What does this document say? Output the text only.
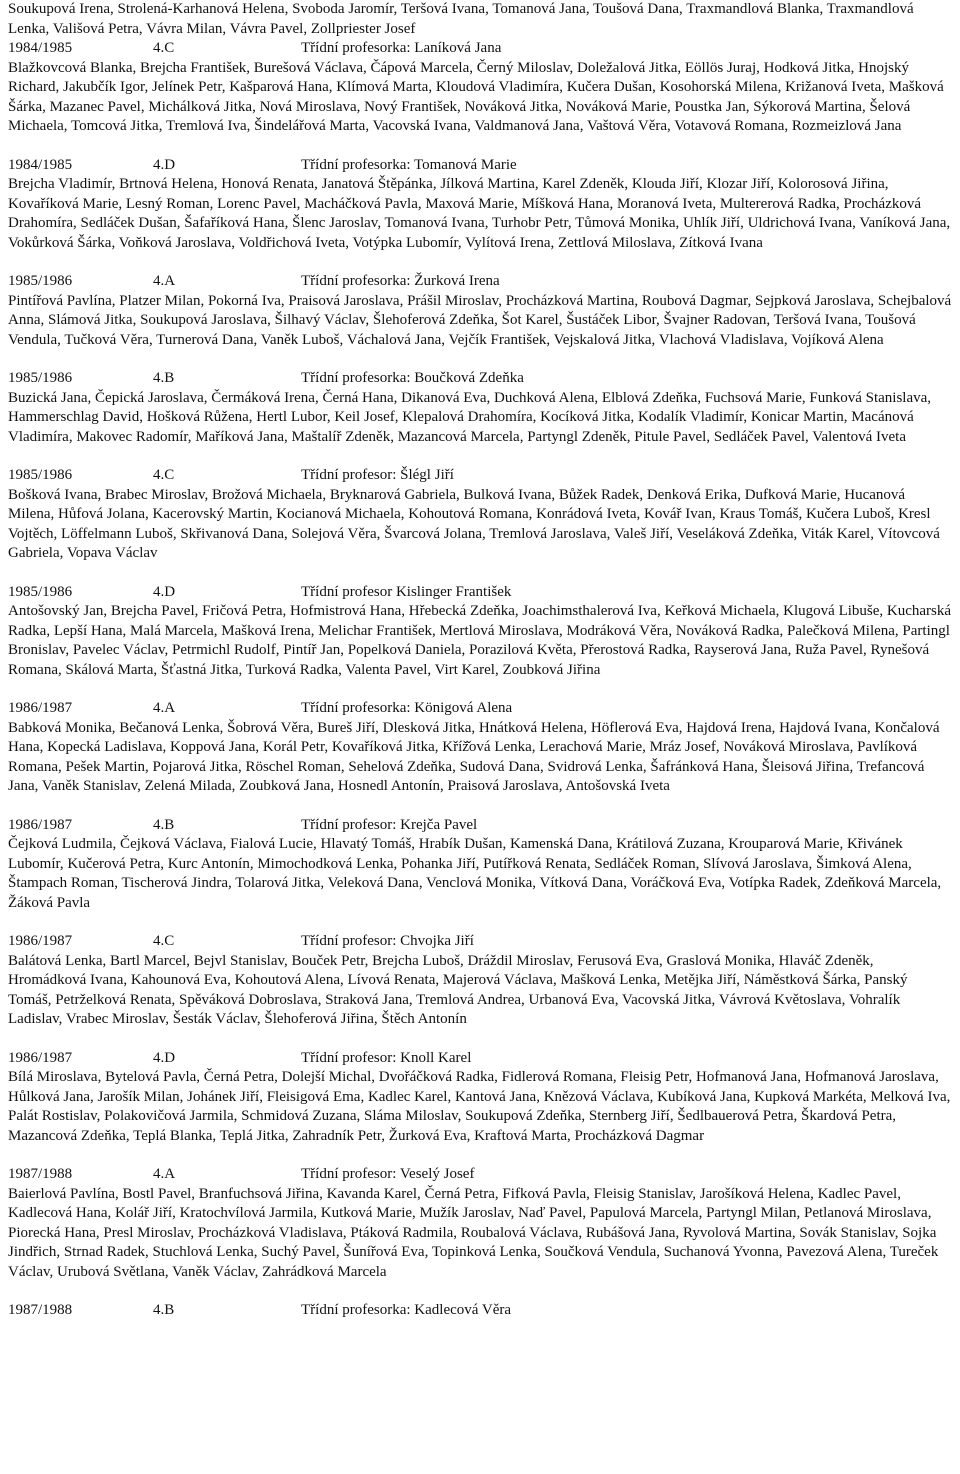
Soukupová Irena, Strolená-Karhanová Helena, Svoboda Jaromír, Teršová Ivana, Tomanová Jana, Toušová Dana, Traxmandlová Blanka, Traxmandlová Lenka, Vališová Petra, Vávra Milan, Vávra Pavel, Zollpriester Josef

1984/1985	4.C	Třídní profesorka: Laníková Jana

Blažkovcová Blanka, Brejcha František, Burešová Václava, Čápová Marcela, Černý Miloslav, Doležalová Jitka, Eöllös Juraj, Hodková Jitka, Hnojský Richard, Jakubčík Igor, Jelínek Petr, Kašparová Hana, Klímová Marta, Kloudová Vladimíra, Kučera Dušan, Kosohorská Milena, Križanová Iveta, Mašková Šárka, Mazanec Pavel, Michálková Jitka, Nová Miroslava, Nový František, Nováková Jitka, Nováková Marie, Poustka Jan, Sýkorová Martina, Šelová Michaela, Tomcová Jitka, Tremlová Iva, Šindelářová Marta, Vacovská Ivana, Valdmanová Jana, Vaštová Věra, Votavová Romana, Rozmeizlová Jana

1984/1985	4.D	Třídní profesorka: Tomanová Marie

Brejcha Vladimír, Brtnová Helena, Honová Renata, Janatová Štěpánka, Jílková Martina, Karel Zdeněk, Klouda Jiří, Klozar Jiří, Kolorosová Jiřina, Kovaříková Marie, Lesný Roman, Lorenc Pavel, Macháčková Pavla, Maxová Marie, Míšková Hana, Moranová Iveta, Multererová Radka, Procházková Drahomíra, Sedláček Dušan, Šafaříková Hana, Šlenc Jaroslav, Tomanová Ivana, Turhobr Petr, Tůmová Monika, Uhlík Jiří, Uldrichová Ivana, Vaníková Jana, Vokůrková Šárka, Voňková Jaroslava, Voldřichová Iveta, Votýpka Lubomír, Vylítová Irena, Zettlová Miloslava, Zítková Ivana

1985/1986	4.A	Třídní profesorka: Žurková Irena

Pintířová Pavlína, Platzer Milan, Pokorná Iva, Praisová Jaroslava, Prášil Miroslav, Procházková Martina, Roubová Dagmar, Sejpková Jaroslava, Schejbalová Anna, Slámová Jitka, Soukupová Jaroslava, Šilhavý Václav, Šlehoferová Zdeňka, Šot Karel, Šustáček Libor, Švajner Radovan, Teršová Ivana, Toušová Vendula, Tučková Věra, Turnerová Dana, Vaněk Luboš, Váchalová Jana, Vejčík František, Vejskalová Jitka, Vlachová Vladislava, Vojíková Alena

1985/1986	4.B	Třídní profesorka: Boučková Zdeňka

Buzická Jana, Čepická Jaroslava, Čermáková Irena, Černá Hana, Dikanová Eva, Duchková Alena, Elblová Zdeňka, Fuchsová Marie, Funková Stanislava, Hammerschlag David, Hošková Růžena, Hertl Lubor, Keil Josef, Klepalová Drahomíra, Kocíková Jitka, Kodalík Vladimír, Konicar Martin, Macánová Vladimíra, Makovec Radomír, Maříková Jana, Maštalíř Zdeněk, Mazancová Marcela, Partyngl Zdeněk, Pitule Pavel, Sedláček Pavel, Valentová Iveta

1985/1986	4.C	Třídní profesor: Šlégl Jiří

Bošková Ivana, Brabec Miroslav, Brožová Michaela, Bryknarová Gabriela, Bulková Ivana, Bůžek Radek, Denková Erika, Dufková Marie, Hucanová Milena, Hůfová Jolana, Kacerovský Martin, Kocianová Michaela, Kohoutová Romana, Konrádová Iveta, Kovář Ivan, Kraus Tomáš, Kučera Luboš, Kresl Vojtěch, Löffelmann Luboš, Skřivanová Dana, Solejová Věra, Švarcová Jolana, Tremlová Jaroslava, Valeš Jiří, Veseláková Zdeňka, Viták Karel, Vítovcová Gabriela, Vopava Václav

1985/1986	4.D	Třídní profesor Kislinger František

Antošovský Jan, Brejcha Pavel, Fričová Petra, Hofmistrová Hana, Hřebecká Zdeňka, Joachimsthalerová Iva, Keřková Michaela, Klugová Libuše, Kucharská Radka, Lepší Hana, Malá Marcela, Mašková Irena, Melichar František, Mertlová Miroslava, Modráková Věra, Nováková Radka, Palečková Milena, Partingl Bronislav, Pavelec Václav, Petrmichl Rudolf, Pintíř Jan, Popelková Daniela, Porazilová Květa, Přerostová Radka, Rayserová Jana, Ruža Pavel, Rynešová Romana, Skálová Marta, Šťastná Jitka, Turková Radka, Valenta Pavel, Virt Karel, Zoubková Jiřina

1986/1987	4.A	Třídní profesorka: Königová Alena

Babková Monika, Bečanová Lenka, Šobrová Věra, Bureš Jiří, Dlesková Jitka, Hnátková Helena, Höflerová Eva, Hajdová Irena, Hajdová Ivana, Končalová Hana, Kopecká Ladislava, Koppová Jana, Korál Petr, Kovaříková Jitka, Kříž̌ová Lenka, Lerachová Marie, Mráz Josef, Nováková Miroslava, Pavlíková Romana, Pešek Martin, Pojarová Jitka, Röschel Roman, Sehelová Zdeňka, Sudová Dana, Svidrová Lenka, Šafránková Hana, Šleisová Jiřina, Trefancová Jana, Vaněk Stanislav, Zelená Milada, Zoubková Jana, Hosnedl Antonín, Praisová Jaroslava, Antošovská Iveta

1986/1987	4.B	Třídní profesor: Krejča Pavel

Čejková Ludmila, Čejková Václava, Fialová Lucie, Hlavatý Tomáš, Hrabík Dušan, Kamenská Dana, Krátilová Zuzana, Krouparová Marie, Křivánek Lubomír, Kučerová Petra, Kurc Antonín, Mimochodková Lenka, Pohanka Jiří, Putířková Renata, Sedláček Roman, Slívová Jaroslava, Šimková Alena, Štampach Roman, Tischerová Jindra, Tolarová Jitka, Veleková Dana, Venclová Monika, Vítková Dana, Voráčková Eva, Votípka Radek, Zdeňková Marcela, Žáková Pavla

1986/1987	4.C	Třídní profesor: Chvojka Jiří

Balátová Lenka, Bartl Marcel, Bejvl Stanislav, Bouček Petr, Brejcha Luboš, Dráždil Miroslav, Ferusová Eva, Graslová Monika, Hlaváč Zdeněk, Hromádková Ivana, Kahounová Eva, Kohoutová Alena, Lívová Renata, Majerová Václava, Mašková Lenka, Metějka Jiří, Náměstková Šárka, Panský Tomáš, Petrželková Renata, Spěváková Dobroslava, Straková Jana, Tremlová Andrea, Urbanová Eva, Vacovská Jitka, Vávrová Květoslava, Vohralík Ladislav, Vrabec Miroslav, Šesták Václav, Šlehoferová Jiřina, Štěch Antonín

1986/1987	4.D	Třídní profesor: Knoll Karel

Bílá Miroslava, Bytelová Pavla, Černá Petra, Dolejší Michal, Dvořáčková Radka, Fidlerová Romana, Fleisig Petr, Hofmanová Jana, Hofmanová Jaroslava, Hůlková Jana, Jarošík Milan, Johánek Jiří, Fleisigová Ema, Kadlec Karel, Kantová Jana, Knězová Václava, Kubíková Jana, Kupková Markéta, Melková Iva, Palát Rostislav, Polakovičová Jarmila, Schmidová Zuzana, Sláma Miloslav, Soukupová Zdeňka, Sternberg Jiří, Šedlbauerová Petra, Škardová Petra, Mazancová Zdeňka, Teplá Blanka, Teplá Jitka, Zahradník Petr, Žurková Eva, Kraftová Marta, Procházková Dagmar

1987/1988	4.A	Třídní profesor: Veselý Josef

Baierlová Pavlína, Bostl Pavel, Branfuchsová Jiřina, Kavanda Karel, Černá Petra, Fifková Pavla, Fleisig Stanislav, Jarošíková Helena, Kadlec Pavel, Kadlecová Hana, Kolář Jiří, Kratochvílová Jarmila, Kutková Marie, Mužík Jaroslav, Naď Pavel, Papulová Marcela, Partyngl Milan, Petlanová Miroslava, Piorecká Hana, Presl Miroslav, Procházková Vladislava, Ptáková Radmila, Roubalová Václava, Rubášová Jana, Ryvolová Martina, Sovák Stanislav, Sojka Jindřich, Strnad Radek, Stuchlová Lenka, Suchý Pavel, Šunířová Eva, Topinková Lenka, Součková Vendula, Suchanová Yvonna, Pavezová Alena, Tureček Václav, Urubová Světlana, Vaněk Václav, Zahrádková Marcela

1987/1988	4.B	Třídní profesorka: Kadlecová Věra
